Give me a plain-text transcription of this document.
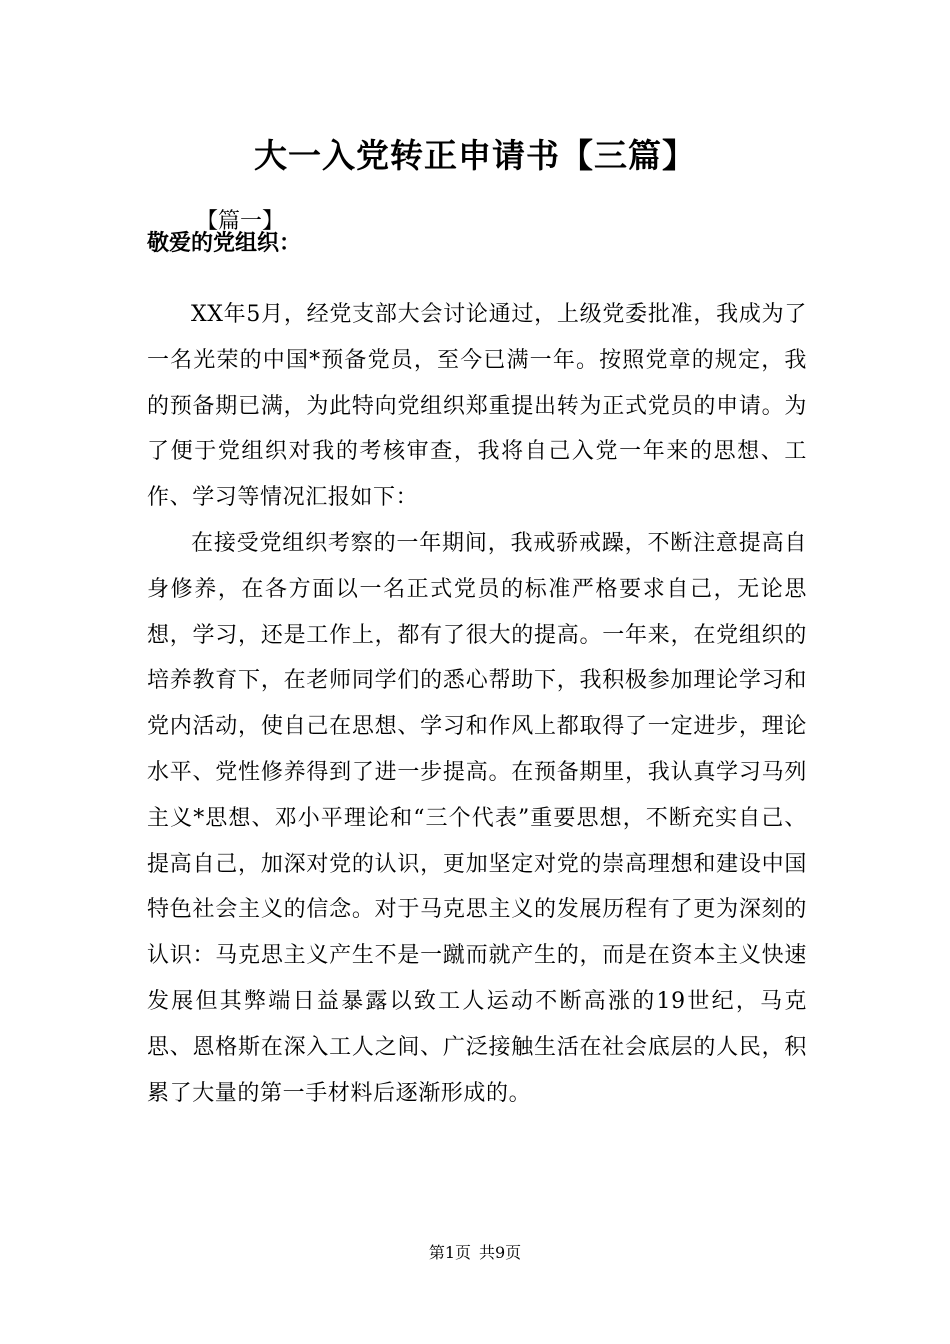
大一入党转正申请书【三篇】
【篇一】
敬爱的党组织：

XX年5月，经党支部大会讨论通过，上级党委批准，我成为了一名光荣的中国*预备党员，至今已满一年。按照党章的规定，我的预备期已满，为此特向党组织郑重提出转为正式党员的申请。为了便于党组织对我的考核审查，我将自己入党一年来的思想、工作、学习等情况汇报如下：

在接受党组织考察的一年期间，我戒骄戒躁，不断注意提高自身修养，在各方面以一名正式党员的标准严格要求自己，无论思想，学习，还是工作上，都有了很大的提高。一年来，在党组织的培养教育下，在老师同学们的悉心帮助下，我积极参加理论学习和党内活动，使自己在思想、学习和作风上都取得了一定进步，理论水平、党性修养得到了进一步提高。在预备期里，我认真学习马列主义*思想、邓小平理论和“三个代表”重要思想，不断充实自己、提高自己，加深对党的认识，更加坚定对党的崇高理想和建设中国特色社会主义的信念。对于马克思主义的发展历程有了更为深刻的认识：马克思主义产生不是一蹴而就产生的，而是在资本主义快速发展但其弊端日益暴露以致工人运动不断高涨的19世纪，马克思、恩格斯在深入工人之间、广泛接触生活在社会底层的人民，积累了大量的第一手材料后逐渐形成的。

第1页 共9页
